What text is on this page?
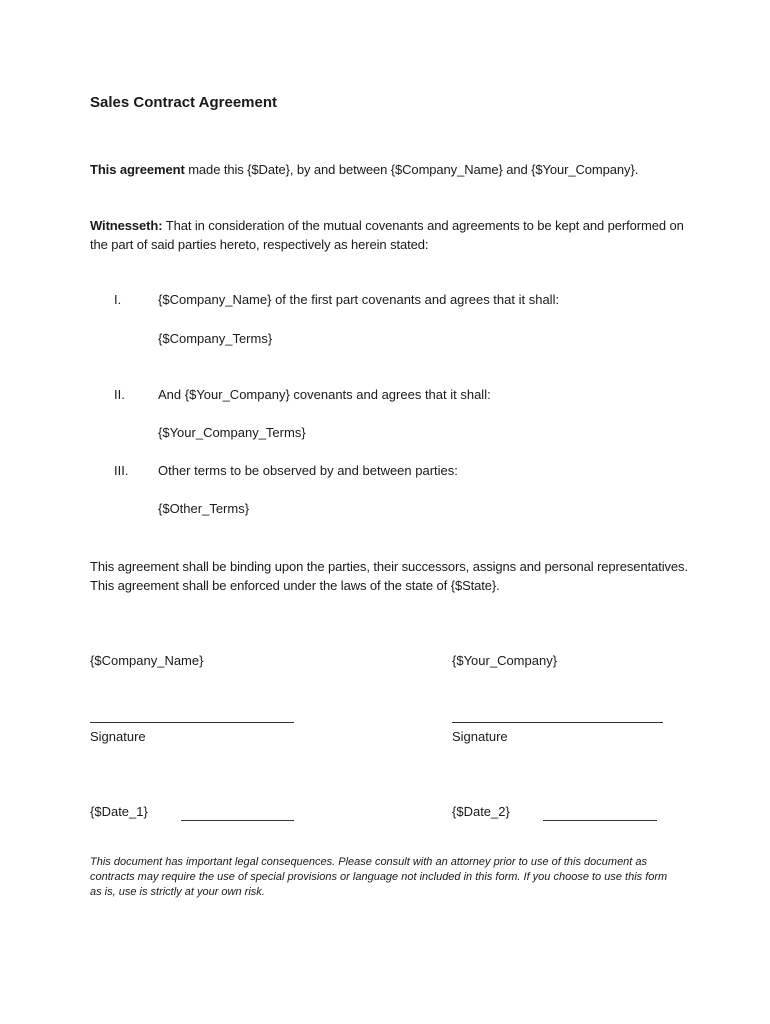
Sales Contract Agreement
This agreement made this {$Date}, by and between {$Company_Name} and {$Your_Company}.
Witnesseth: That in consideration of the mutual covenants and agreements to be kept and performed on the part of said parties hereto, respectively as herein stated:
I.	{$Company_Name} of the first part covenants and agrees that it shall:
{$Company_Terms}
II.	And {$Your_Company} covenants and agrees that it shall:
{$Your_Company_Terms}
III. Other terms to be observed by and between parties:
{$Other_Terms}
This agreement shall be binding upon the parties, their successors, assigns and personal representatives. This agreement shall be enforced under the laws of the state of {$State}.
{$Company_Name}
Signature
{$Date_1}
{$Your_Company}
Signature
{$Date_2}
This document has important legal consequences. Please consult with an attorney prior to use of this document as contracts may require the use of special provisions or language not included in this form. If you choose to use this form as is, use is strictly at your own risk.
